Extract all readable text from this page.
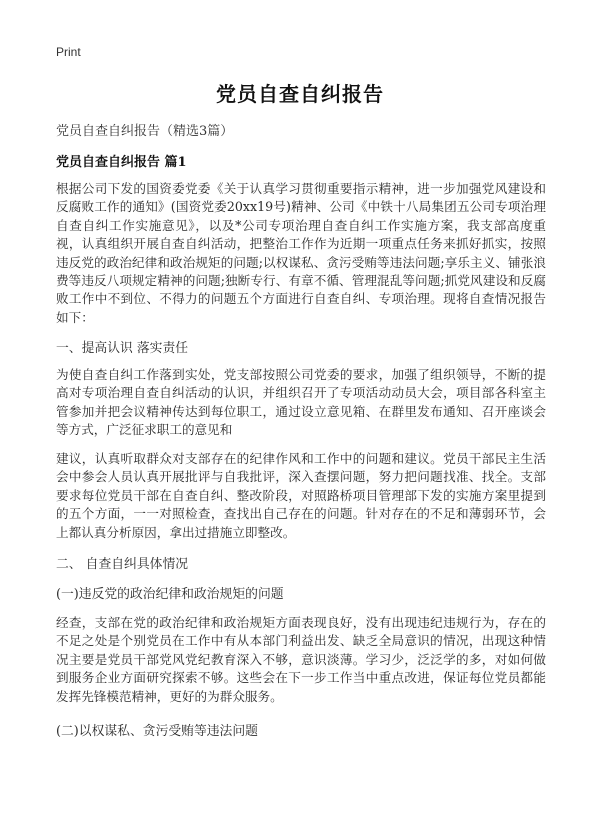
Print
党员自查自纠报告
党员自查自纠报告（精选3篇）
党员自查自纠报告 篇1

根据公司下发的国资委党委《关于认真学习贯彻重要指示精神，进一步加强党风建设和反腐败工作的通知》(国资党委20xx19号)精神、公司《中铁十八局集团五公司专项治理自查自纠工作实施意见》，以及*公司专项治理自查自纠工作实施方案，我支部高度重视，认真组织开展自查自纠活动，把整治工作作为近期一项重点任务来抓好抓实，按照违反党的政治纪律和政治规矩的问题;以权谋私、贪污受贿等违法问题;享乐主义、铺张浪费等违反八项规定精神的问题;独断专行、有章不循、管理混乱等问题;抓党风建设和反腐败工作中不到位、不得力的问题五个方面进行自查自纠、专项治理。现将自查情况报告如下：

一、提高认识 落实责任

为使自查自纠工作落到实处，党支部按照公司党委的要求，加强了组织领导，不断的提高对专项治理自查自纠活动的认识，并组织召开了专项活动动员大会，项目部各科室主管参加并把会议精神传达到每位职工，通过设立意见箱、在群里发布通知、召开座谈会等方式，广泛征求职工的意见和

建议，认真听取群众对支部存在的纪律作风和工作中的问题和建议。党员干部民主生活会中参会人员认真开展批评与自我批评，深入查摆问题，努力把问题找准、找全。支部要求每位党员干部在自查自纠、整改阶段，对照路桥项目管理部下发的实施方案里提到的五个方面，一一对照检查，查找出自己存在的问题。针对存在的不足和薄弱环节，会上都认真分析原因，拿出过措施立即整改。

二、 自查自纠具体情况
(一)违反党的政治纪律和政治规矩的问题

经查，支部在党的政治纪律和政治规矩方面表现良好，没有出现违纪违规行为，存在的不足之处是个别党员在工作中有从本部门利益出发、缺乏全局意识的情况，出现这种情况主要是党员干部党风党纪教育深入不够，意识淡薄。学习少，泛泛学的多，对如何做到服务企业方面研究探索不够。这些会在下一步工作当中重点改进，保证每位党员都能发挥先锋模范精神，更好的为群众服务。

(二)以权谋私、贪污受贿等违法问题
